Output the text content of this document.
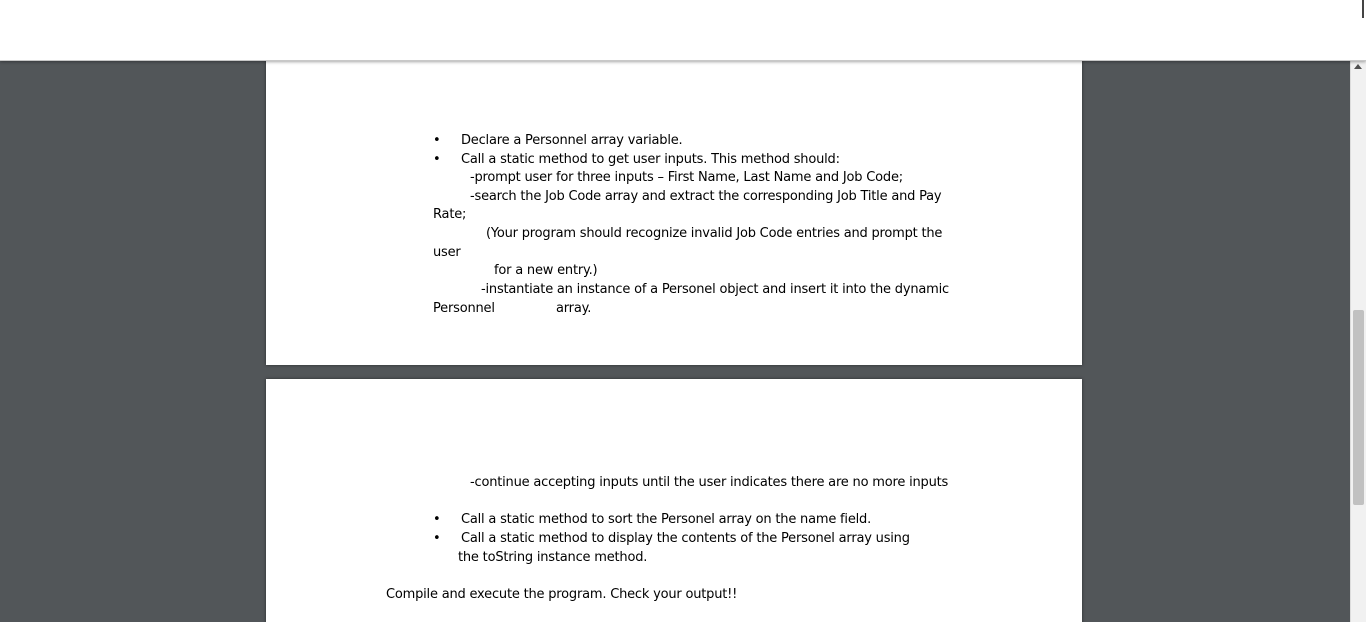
• Declare a Personnel array variable.
• Call a static method to get user inputs. This method should:
-prompt user for three inputs – First Name, Last Name and Job Code;
-search the Job Code array and extract the corresponding Job Title and Pay
Rate;
(Your program should recognize invalid Job Code entries and prompt the
user
for a new entry.)
-instantiate an instance of a Personel object and insert it into the dynamic
Personnel	array.
-continue accepting inputs until the user indicates there are no more inputs
• Call a static method to sort the Personel array on the name field.
• Call a static method to display the contents of the Personel array using
the toString instance method.
Compile and execute the program. Check your output!!
